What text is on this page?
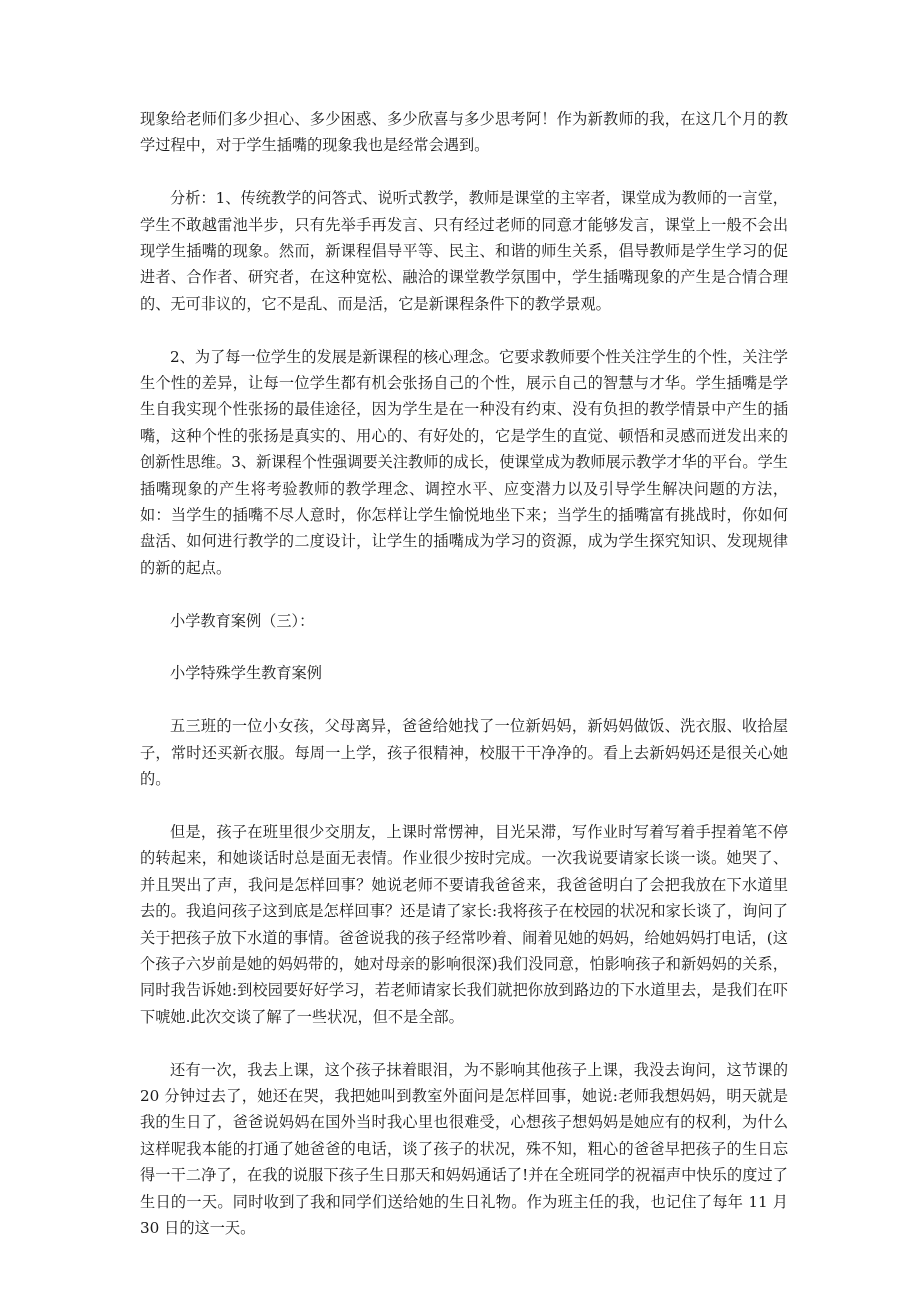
现象给老师们多少担心、多少困惑、多少欣喜与多少思考阿！作为新教师的我，在这几个月的教学过程中，对于学生插嘴的现象我也是经常会遇到。

分析：1、传统教学的问答式、说听式教学，教师是课堂的主宰者，课堂成为教师的一言堂，学生不敢越雷池半步，只有先举手再发言、只有经过老师的同意才能够发言，课堂上一般不会出现学生插嘴的现象。然而，新课程倡导平等、民主、和谐的师生关系，倡导教师是学生学习的促进者、合作者、研究者，在这种宽松、融洽的课堂教学氛围中，学生插嘴现象的产生是合情合理的、无可非议的，它不是乱、而是活，它是新课程条件下的教学景观。

2、为了每一位学生的发展是新课程的核心理念。它要求教师要个性关注学生的个性，关注学生个性的差异，让每一位学生都有机会张扬自己的个性，展示自己的智慧与才华。学生插嘴是学生自我实现个性张扬的最佳途径，因为学生是在一种没有约束、没有负担的教学情景中产生的插嘴，这种个性的张扬是真实的、用心的、有好处的，它是学生的直觉、顿悟和灵感而迸发出来的创新性思维。3、新课程个性强调要关注教师的成长，使课堂成为教师展示教学才华的平台。学生插嘴现象的产生将考验教师的教学理念、调控水平、应变潜力以及引导学生解决问题的方法，如：当学生的插嘴不尽人意时，你怎样让学生愉悦地坐下来；当学生的插嘴富有挑战时，你如何盘活、如何进行教学的二度设计，让学生的插嘴成为学习的资源，成为学生探究知识、发现规律的新的起点。

小学教育案例（三）：

小学特殊学生教育案例

五三班的一位小女孩，父母离异，爸爸给她找了一位新妈妈，新妈妈做饭、洗衣服、收拾屋子，常时还买新衣服。每周一上学，孩子很精神，校服干干净净的。看上去新妈妈还是很关心她的。

但是，孩子在班里很少交朋友，上课时常愣神，目光呆滞，写作业时写着写着手捏着笔不停的转起来，和她谈话时总是面无表情。作业很少按时完成。一次我说要请家长谈一谈。她哭了、并且哭出了声，我问是怎样回事？她说老师不要请我爸爸来，我爸爸明白了会把我放在下水道里去的。我追问孩子这到底是怎样回事？还是请了家长:我将孩子在校园的状况和家长谈了，询问了关于把孩子放下水道的事情。爸爸说我的孩子经常吵着、闹着见她的妈妈，给她妈妈打电话，(这个孩子六岁前是她的妈妈带的，她对母亲的影响很深)我们没同意，怕影响孩子和新妈妈的关系，同时我告诉她:到校园要好好学习，若老师请家长我们就把你放到路边的下水道里去，是我们在吓下唬她.此次交谈了解了一些状况，但不是全部。

还有一次，我去上课，这个孩子抹着眼泪，为不影响其他孩子上课，我没去询问，这节课的 20 分钟过去了，她还在哭，我把她叫到教室外面问是怎样回事，她说:老师我想妈妈，明天就是我的生日了，爸爸说妈妈在国外当时我心里也很难受，心想孩子想妈妈是她应有的权利，为什么这样呢我本能的打通了她爸爸的电话，谈了孩子的状况，殊不知，粗心的爸爸早把孩子的生日忘得一干二净了，在我的说服下孩子生日那天和妈妈通话了!并在全班同学的祝福声中快乐的度过了生日的一天。同时收到了我和同学们送给她的生日礼物。作为班主任的我，也记住了每年 11 月 30 日的这一天。
